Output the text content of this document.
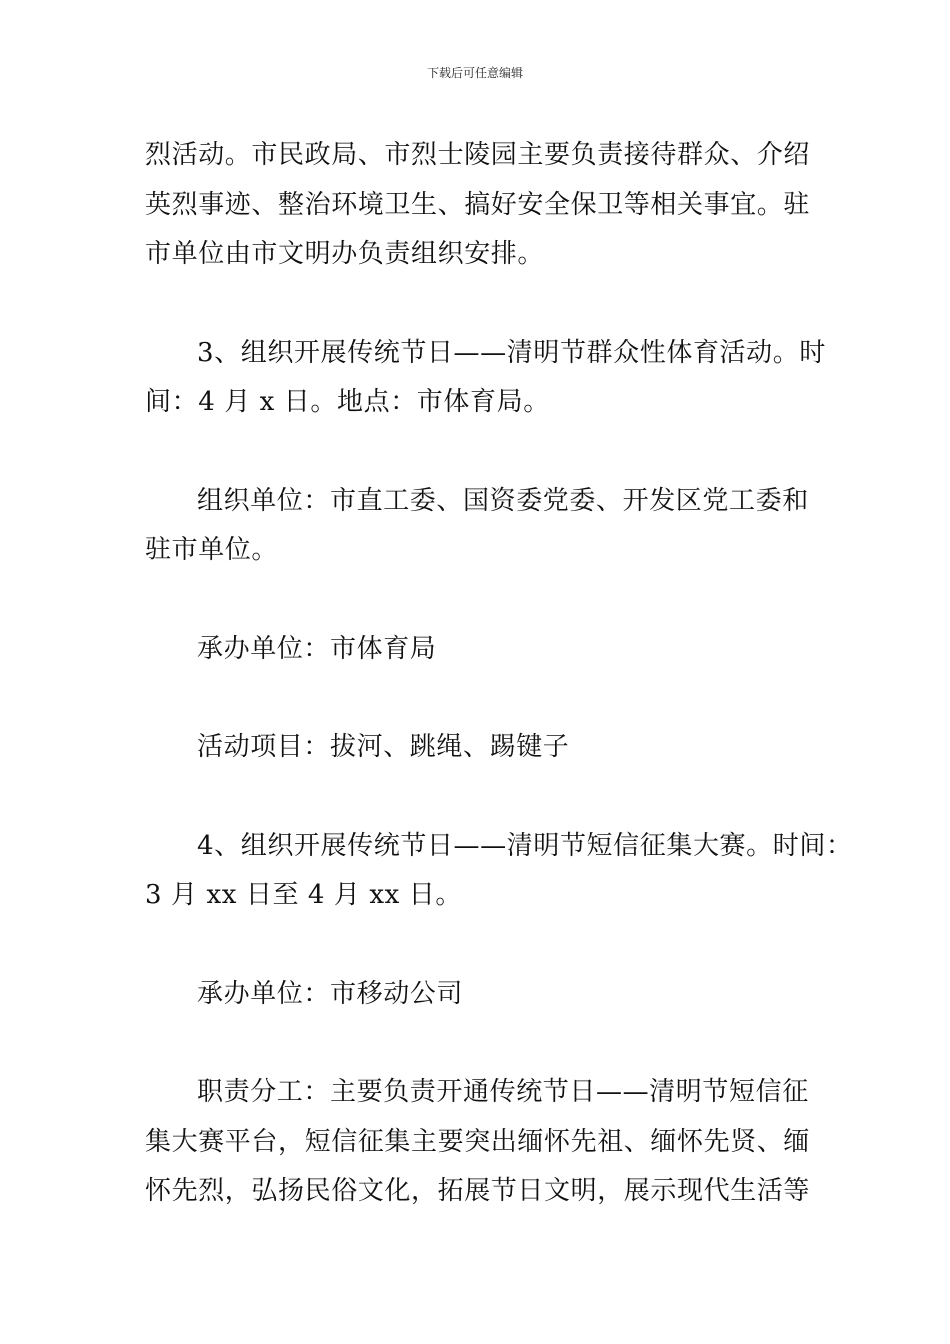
下载后可任意编辑

烈活动。市民政局、市烈士陵园主要负责接待群众、介绍
英烈事迹、整治环境卫生、搞好安全保卫等相关事宜。驻
市单位由市文明办负责组织安排。

3、组织开展传统节日——清明节群众性体育活动。时
间：4 月 x 日。地点：市体育局。

组织单位：市直工委、国资委党委、开发区党工委和
驻市单位。

承办单位：市体育局

活动项目：拔河、跳绳、踢键子

4、组织开展传统节日——清明节短信征集大赛。时间：
3 月 xx 日至 4 月 xx 日。

承办单位：市移动公司

职责分工：主要负责开通传统节日——清明节短信征
集大赛平台，短信征集主要突出缅怀先祖、缅怀先贤、缅
怀先烈，弘扬民俗文化，拓展节日文明，展示现代生活等
